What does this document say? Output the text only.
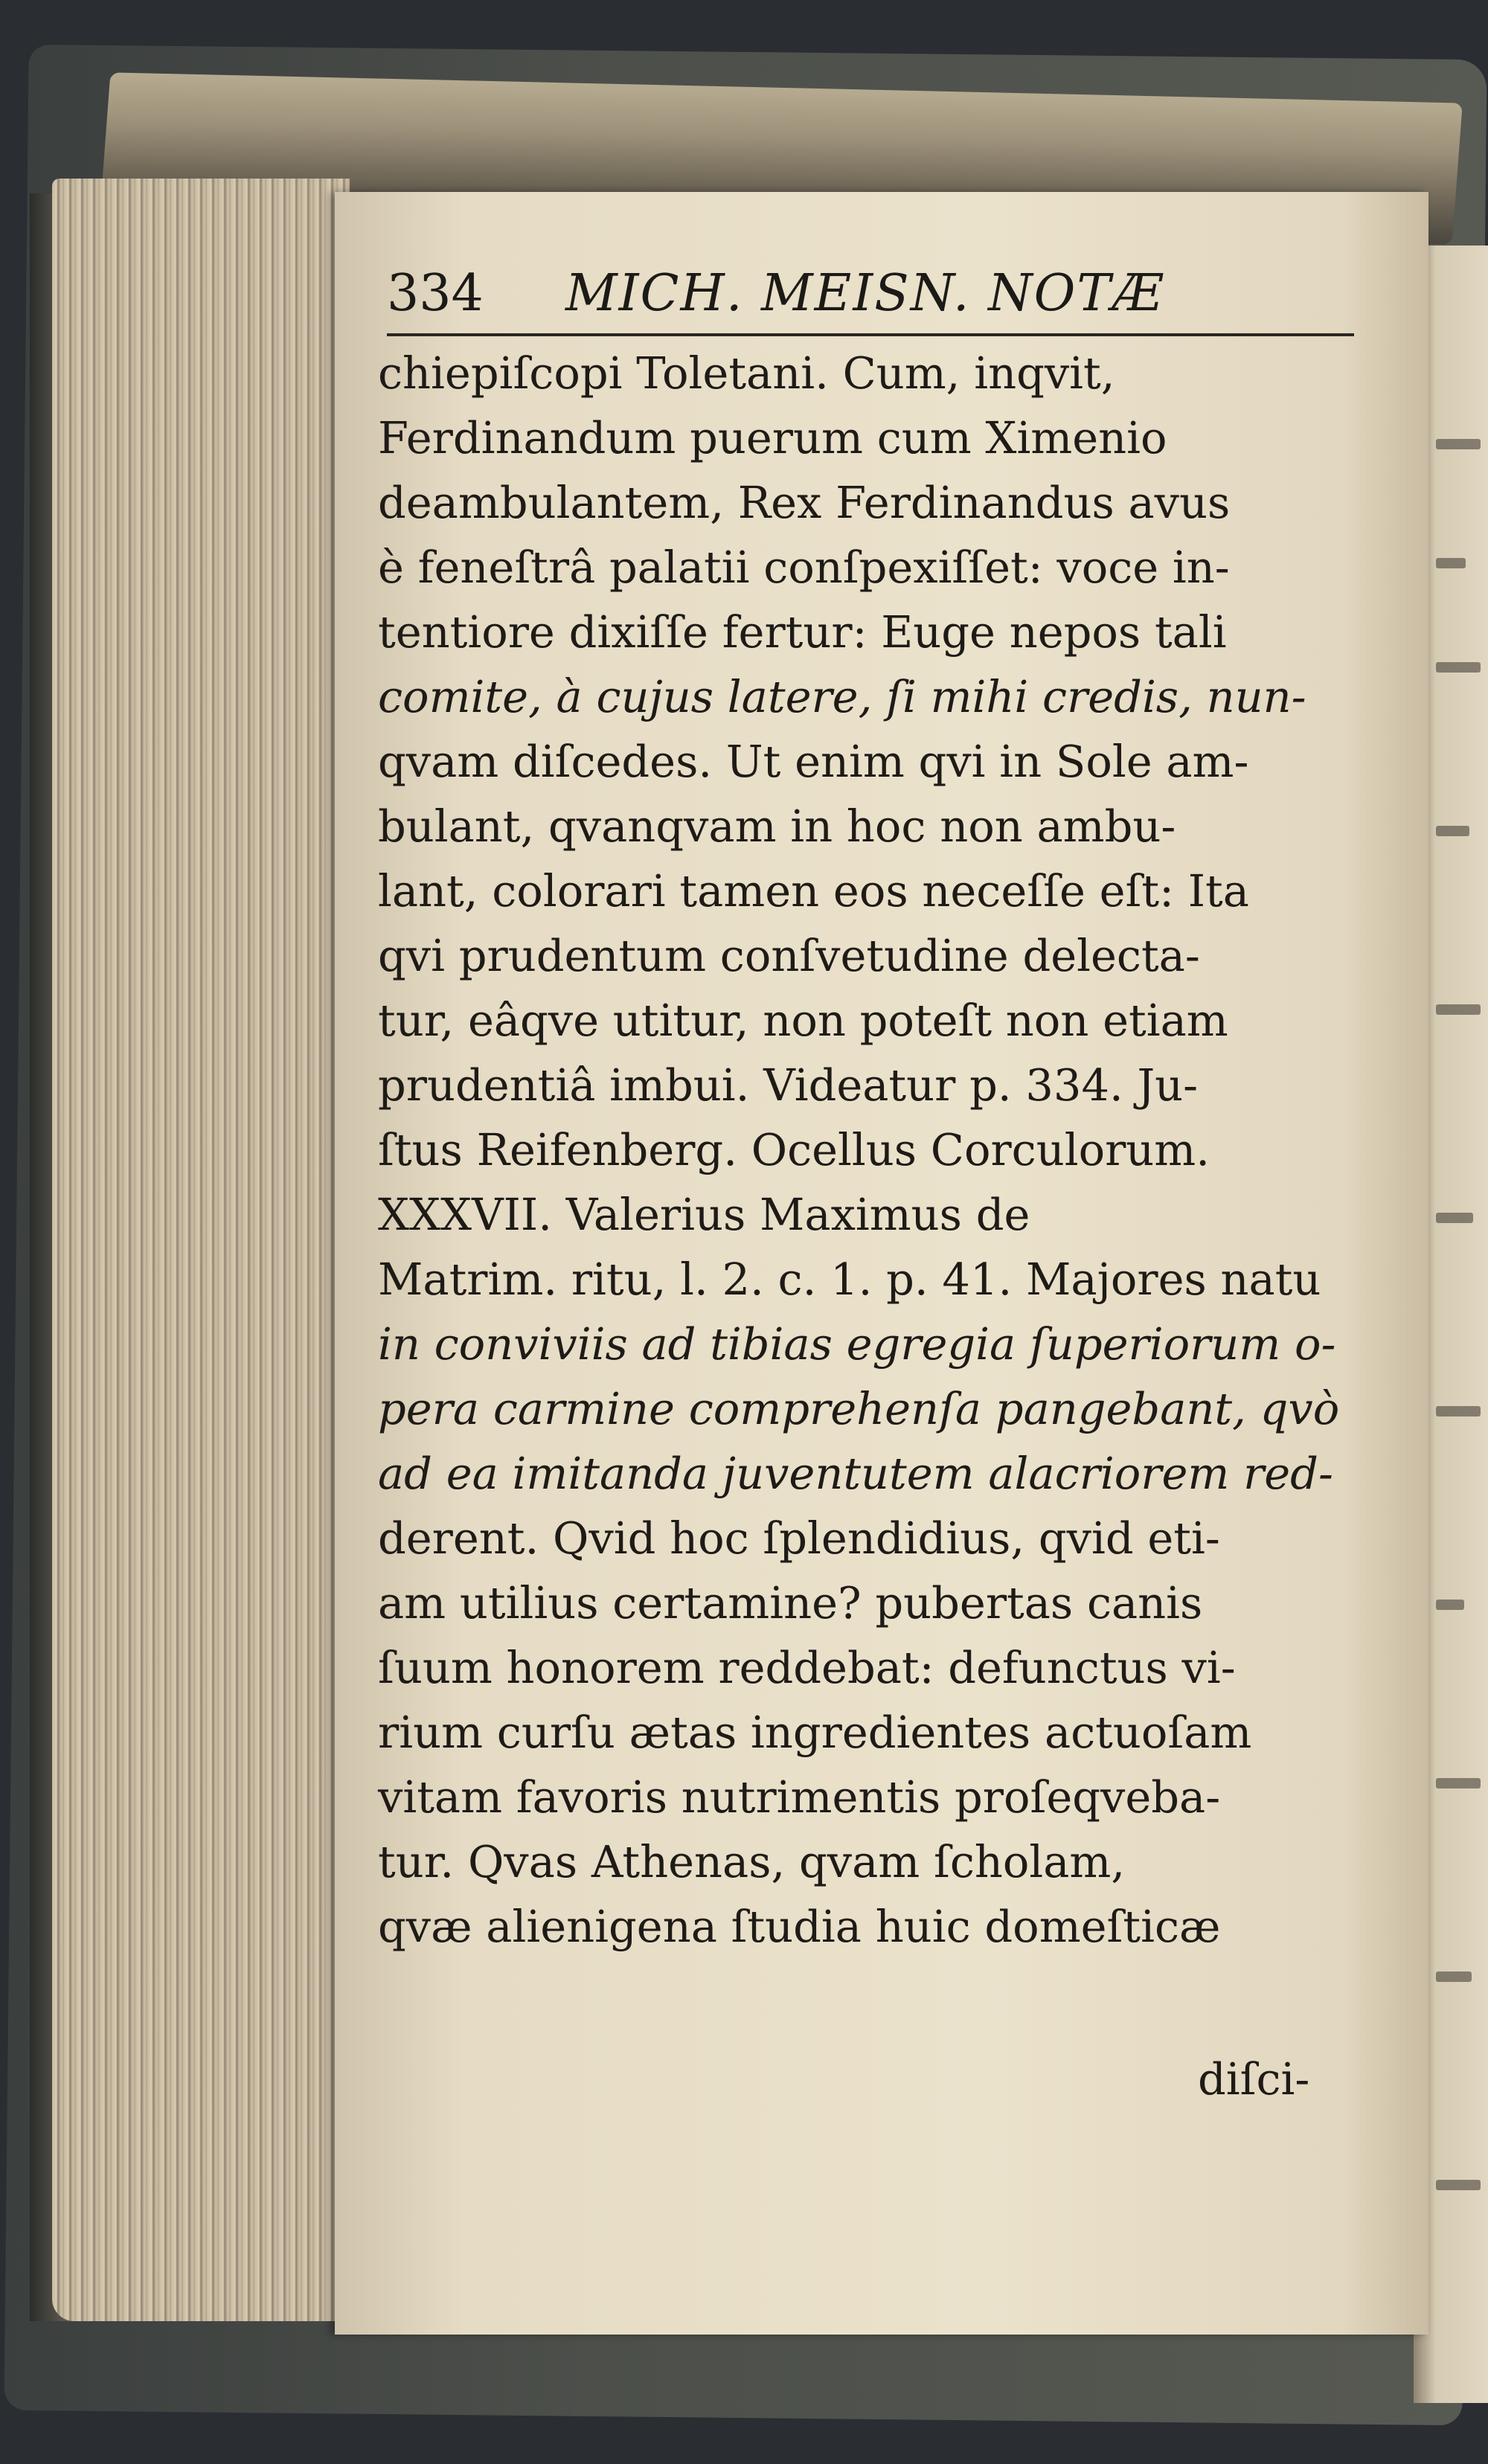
334 MICH. MEISN. NOTÆ
chiepiſcopi Toletani. Cum, inqvit,
Ferdinandum puerum cum Ximenio
deambulantem, Rex Ferdinandus avus
è feneſtrâ palatii conſpexiſſet: voce in-
tentiore dixiſſe fertur: Euge nepos tali
comite, à cujus latere, ſi mihi credis, nun-
qvam diſcedes. Ut enim qvi in Sole am-
bulant, qvanqvam in hoc non ambu-
lant, colorari tamen eos neceſſe eſt: Ita
qvi prudentum conſvetudine delecta-
tur, eâqve utitur, non poteſt non etiam
prudentiâ imbui. Videatur p. 334. Ju-
ſtus Reifenberg. Ocellus Corculorum.
XXXVII. Valerius Maximus de
Matrim. ritu, l. 2. c. 1. p. 41. Majores natu
in conviviis ad tibias egregia ſuperiorum o-
pera carmine comprehenſa pangebant, qvò
ad ea imitanda juventutem alacriorem red-
derent. Qvid hoc ſplendidius, qvid eti-
am utilius certamine? pubertas canis
ſuum honorem reddebat: defunctus vi-
rium curſu ætas ingredientes actuoſam
vitam favoris nutrimentis proſeqveba-
tur. Qvas Athenas, qvam ſcholam,
qvæ alienigena ſtudia huic domeſticæ
diſci-
